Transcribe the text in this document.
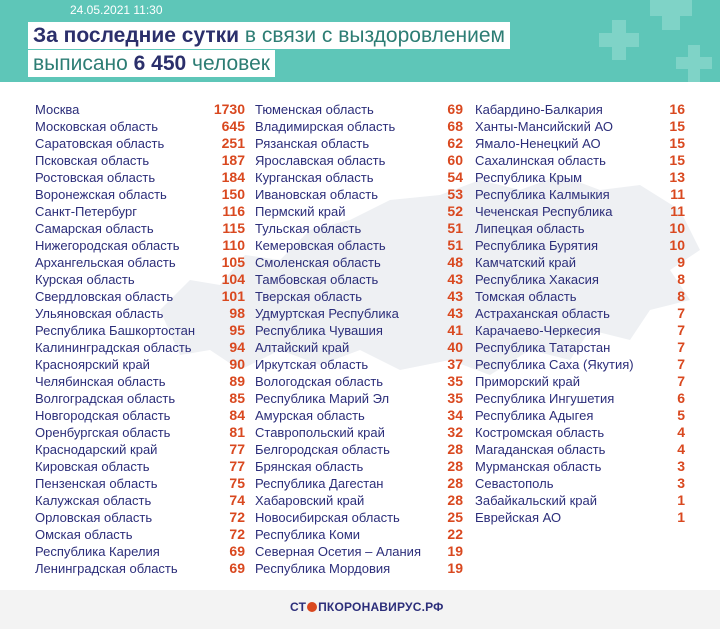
24.05.2021 11:30
За последние сутки в связи с выздоровлением
выписано 6 450 человек
Москва	1730
Московская область	645
Саратовская область	251
Псковская область	187
Ростовская область	184
Воронежская область	150
Санкт-Петербург	116
Самарская область	115
Нижегородская область	110
Архангельская область	105
Курская область	104
Свердловская область	101
Ульяновская область	98
Республика Башкортостан 95
Калининградская область	94
Красноярский край	90
Челябинская область	89
Волгоградская область	85
Новгородская область	84
Оренбургская область	81
Краснодарский край	77
Кировская область	77
Пензенская область	75
Калужская область	74
Орловская область	72
Омская область	72
Республика Карелия	69
Ленинградская область	69
Тюменская область	69
Владимирская область	68
Рязанская область	62
Ярославская область	60
Курганская область	54
Ивановская область	53
Пермский край	52
Тульская область	51
Кемеровская область	51
Смоленская область	48
Тамбовская область	43
Тверская область	43
Удмуртская Республика	43
Республика Чувашия	41
Алтайский край	40
Иркутская область	37
Вологодская область	35
Республика Марий Эл	35
Амурская область	34
Ставропольский край	32
Белгородская область	28
Брянская область	28
Республика Дагестан	28
Хабаровский край	28
Новосибирская область	25
Республика Коми	22
Северная Осетия – Алания 19
Республика Мордовия	19
Кабардино-Балкария	16
Ханты-Мансийский АО	15
Ямало-Ненецкий АО	15
Сахалинская область	15
Республика Крым	13
Республика Калмыкия	11
Чеченская Республика	11
Липецкая область	10
Республика Бурятия	10
Камчатский край	9
Республика Хакасия	8
Томская область	8
Астраханская область	7
Карачаево-Черкесия	7
Республика Татарстан	7
Республика Саха (Якутия)	7
Приморский край	7
Республика Ингушетия	6
Республика Адыгея	5
Костромская область	4
Магаданская область	4
Мурманская область	3
Севастополь	3
Забайкальский край	1
Еврейская АО	1
СТ ПКОРОНАВИРУС.РФ
